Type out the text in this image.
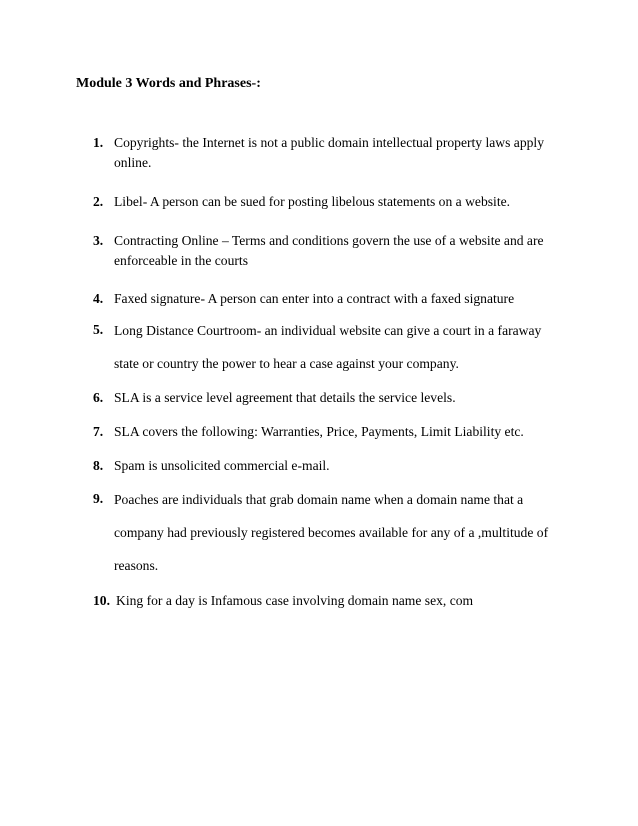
Module 3 Words and Phrases-:
1. Copyrights- the Internet is not a public domain intellectual property laws apply online.
2. Libel- A person can be sued for posting libelous statements on a website.
3. Contracting Online – Terms and conditions govern the use of a website and are enforceable in the courts
4. Faxed signature- A person can enter into a contract with a faxed signature
5. Long Distance Courtroom- an individual website can give a court in a faraway state or country the power to hear a case against your company.
6. SLA is a service level agreement that details the service levels.
7. SLA covers the following: Warranties, Price, Payments, Limit Liability etc.
8. Spam is unsolicited commercial e-mail.
9. Poaches are individuals that grab domain name when a domain name that a company had previously registered becomes available for any of a ,multitude of reasons.
10. King for a day is Infamous case involving domain name sex, com
